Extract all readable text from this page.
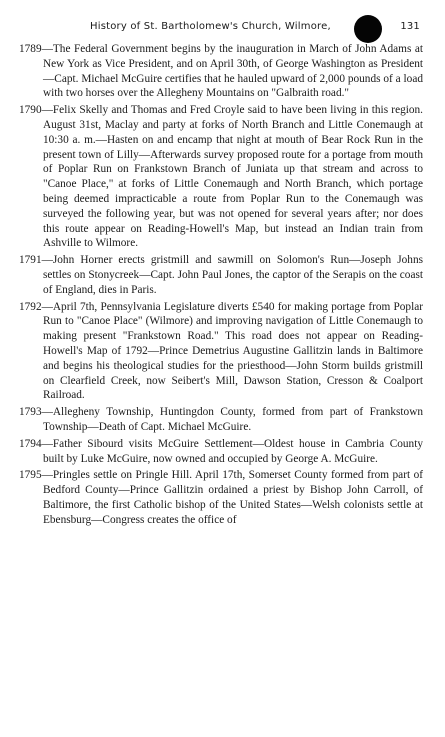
History of St. Bartholomew's Church, Wilmore,	131

1789—The Federal Government begins by the inauguration in March of John Adams at New York as Vice President, and on April 30th, of George Washington as President—Capt. Michael McGuire certifies that he hauled upward of 2,000 pounds of a load with two horses over the Allegheny Mountains on "Galbraith road."

1790—Felix Skelly and Thomas and Fred Croyle said to have been living in this region. August 31st, Maclay and party at forks of North Branch and Little Conemaugh at 10:30 a. m.—Hasten on and encamp that night at mouth of Bear Rock Run in the present town of Lilly—Afterwards survey proposed route for a portage from mouth of Poplar Run on Frankstown Branch of Juniata up that stream and across to "Canoe Place," at forks of Little Conemaugh and North Branch, which portage being deemed impracticable a route from Poplar Run to the Conemaugh was surveyed the following year, but was not opened for several years after; nor does this route appear on Reading-Howell's Map, but instead an Indian train from Ashville to Wilmore.

1791—John Horner erects gristmill and sawmill on Solomon's Run—Joseph Johns settles on Stonycreek—Capt. John Paul Jones, the captor of the Serapis on the coast of England, dies in Paris.

1792—April 7th, Pennsylvania Legislature diverts £540 for making portage from Poplar Run to "Canoe Place" (Wilmore) and improving navigation of Little Conemaugh to making present "Frankstown Road." This road does not appear on Reading-Howell's Map of 1792—Prince Demetrius Augustine Gallitzin lands in Baltimore and begins his theological studies for the priesthood—John Storm builds gristmill on Clearfield Creek, now Seibert's Mill, Dawson Station, Cresson & Coalport Railroad.

1793—Allegheny Township, Huntingdon County, formed from part of Frankstown Township—Death of Capt. Michael McGuire.

1794—Father Sibourd visits McGuire Settlement—Oldest house in Cambria County built by Luke McGuire, now owned and occupied by George A. McGuire.

1795—Pringles settle on Pringle Hill. April 17th, Somerset County formed from part of Bedford County—Prince Gallitzin ordained a priest by Bishop John Carroll, of Baltimore, the first Catholic bishop of the United States—Welsh colonists settle at Ebensburg—Congress creates the office of
